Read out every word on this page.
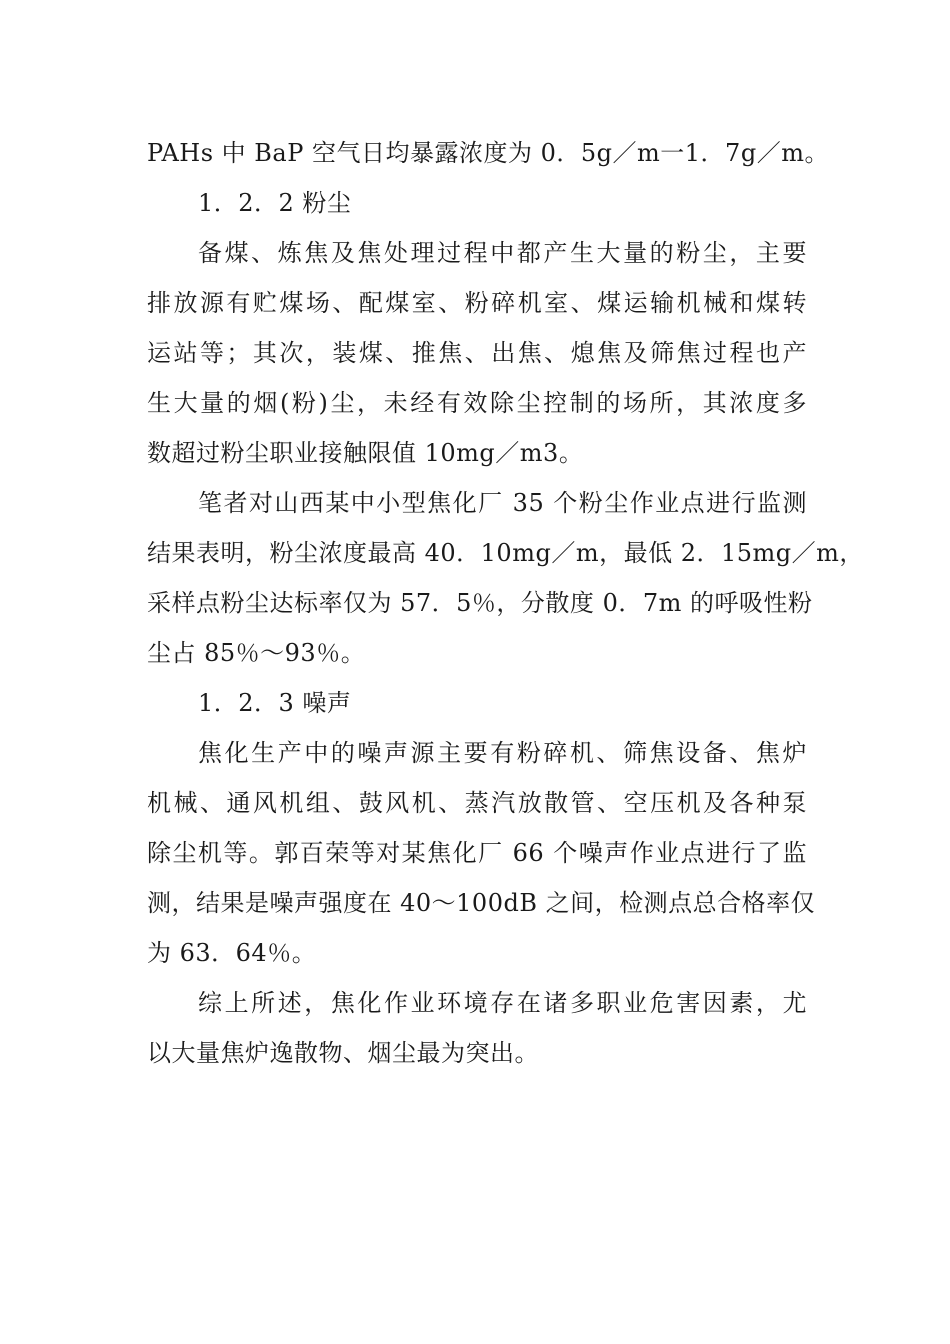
PAHs 中 BaP 空气日均暴露浓度为 0．5g／m一1．7g／m。
1．2．2 粉尘
备煤、炼焦及焦处理过程中都产生大量的粉尘，主要
排放源有贮煤场、配煤室、粉碎机室、煤运输机械和煤转
运站等；其次，装煤、推焦、出焦、熄焦及筛焦过程也产
生大量的烟(粉)尘，未经有效除尘控制的场所，其浓度多
数超过粉尘职业接触限值 10mg／m3。
笔者对山西某中小型焦化厂 35 个粉尘作业点进行监测
结果表明，粉尘浓度最高 40．10mg／m，最低 2．15mg／m，
采样点粉尘达标率仅为 57．5％，分散度 0．7m 的呼吸性粉
尘占 85％～93％。
1．2．3 噪声
焦化生产中的噪声源主要有粉碎机、筛焦设备、焦炉
机械、通风机组、鼓风机、蒸汽放散管、空压机及各种泵
除尘机等。郭百荣等对某焦化厂 66 个噪声作业点进行了监
测，结果是噪声强度在 40～100dB 之间，检测点总合格率仅
为 63．64％。
综上所述，焦化作业环境存在诸多职业危害因素，尤
以大量焦炉逸散物、烟尘最为突出。
